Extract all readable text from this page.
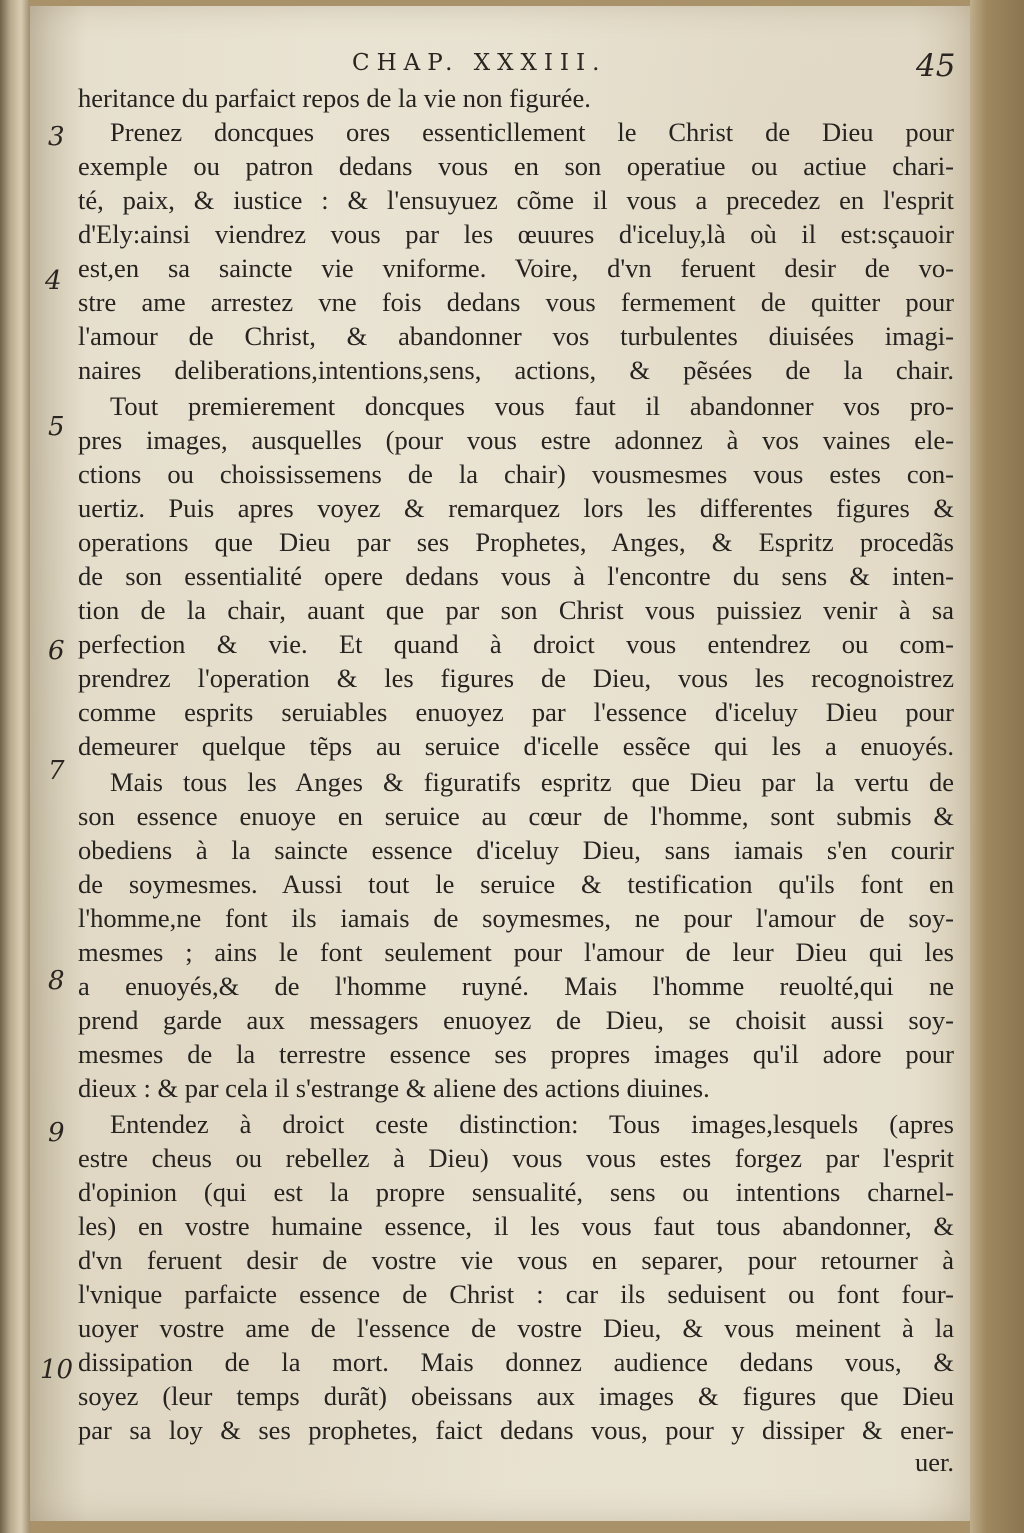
CHAP. XXXIII.	45
3
4
5
6
7
8
9
10
heritance du parfaict repos de la vie non figurée.
Prenez doncques ores essenticllement le Christ de Dieu pour
exemple ou patron dedans vous en son operatiue ou actiue chari-
té, paix, & iustice : & l'ensuyuez cõme il vous a precedez en l'esprit
d'Ely:ainsi viendrez vous par les œuures d'iceluy,là où il est:sçauoir
est,en sa saincte vie vniforme. Voire, d'vn feruent desir de vo-
stre ame arrestez vne fois dedans vous fermement de quitter pour
l'amour de Christ, & abandonner vos turbulentes diuisées imagi-
naires deliberations,intentions,sens, actions, & pẽsées de la chair.
Tout premierement doncques vous faut il abandonner vos pro-
pres images, ausquelles (pour vous estre adonnez à vos vaines ele-
ctions ou choississemens de la chair) vousmesmes vous estes con-
uertiz. Puis apres voyez & remarquez lors les differentes figures &
operations que Dieu par ses Prophetes, Anges, & Espritz procedãs
de son essentialité opere dedans vous à l'encontre du sens & inten-
tion de la chair, auant que par son Christ vous puissiez venir à sa
perfection & vie. Et quand à droict vous entendrez ou com-
prendrez l'operation & les figures de Dieu, vous les recognoistrez
comme esprits seruiables enuoyez par l'essence d'iceluy Dieu pour
demeurer quelque tẽps au seruice d'icelle essẽce qui les a enuoyés.
Mais tous les Anges & figuratifs espritz que Dieu par la vertu de
son essence enuoye en seruice au cœur de l'homme, sont submis &
obediens à la saincte essence d'iceluy Dieu, sans iamais s'en courir
de soymesmes. Aussi tout le seruice & testification qu'ils font en
l'homme,ne font ils iamais de soymesmes, ne pour l'amour de soy-
mesmes ; ains le font seulement pour l'amour de leur Dieu qui les
a enuoyés,& de l'homme ruyné. Mais l'homme reuolté,qui ne
prend garde aux messagers enuoyez de Dieu, se choisit aussi soy-
mesmes de la terrestre essence ses propres images qu'il adore pour
dieux : & par cela il s'estrange & aliene des actions diuines.
Entendez à droict ceste distinction: Tous images,lesquels (apres
estre cheus ou rebellez à Dieu) vous vous estes forgez par l'esprit
d'opinion (qui est la propre sensualité, sens ou intentions charnel-
les) en vostre humaine essence, il les vous faut tous abandonner, &
d'vn feruent desir de vostre vie vous en separer, pour retourner à
l'vnique parfaicte essence de Christ : car ils seduisent ou font four-
uoyer vostre ame de l'essence de vostre Dieu, & vous meinent à la
dissipation de la mort. Mais donnez audience dedans vous, &
soyez (leur temps durãt) obeissans aux images & figures que Dieu
par sa loy & ses prophetes, faict dedans vous, pour y dissiper & ener-
uer.
